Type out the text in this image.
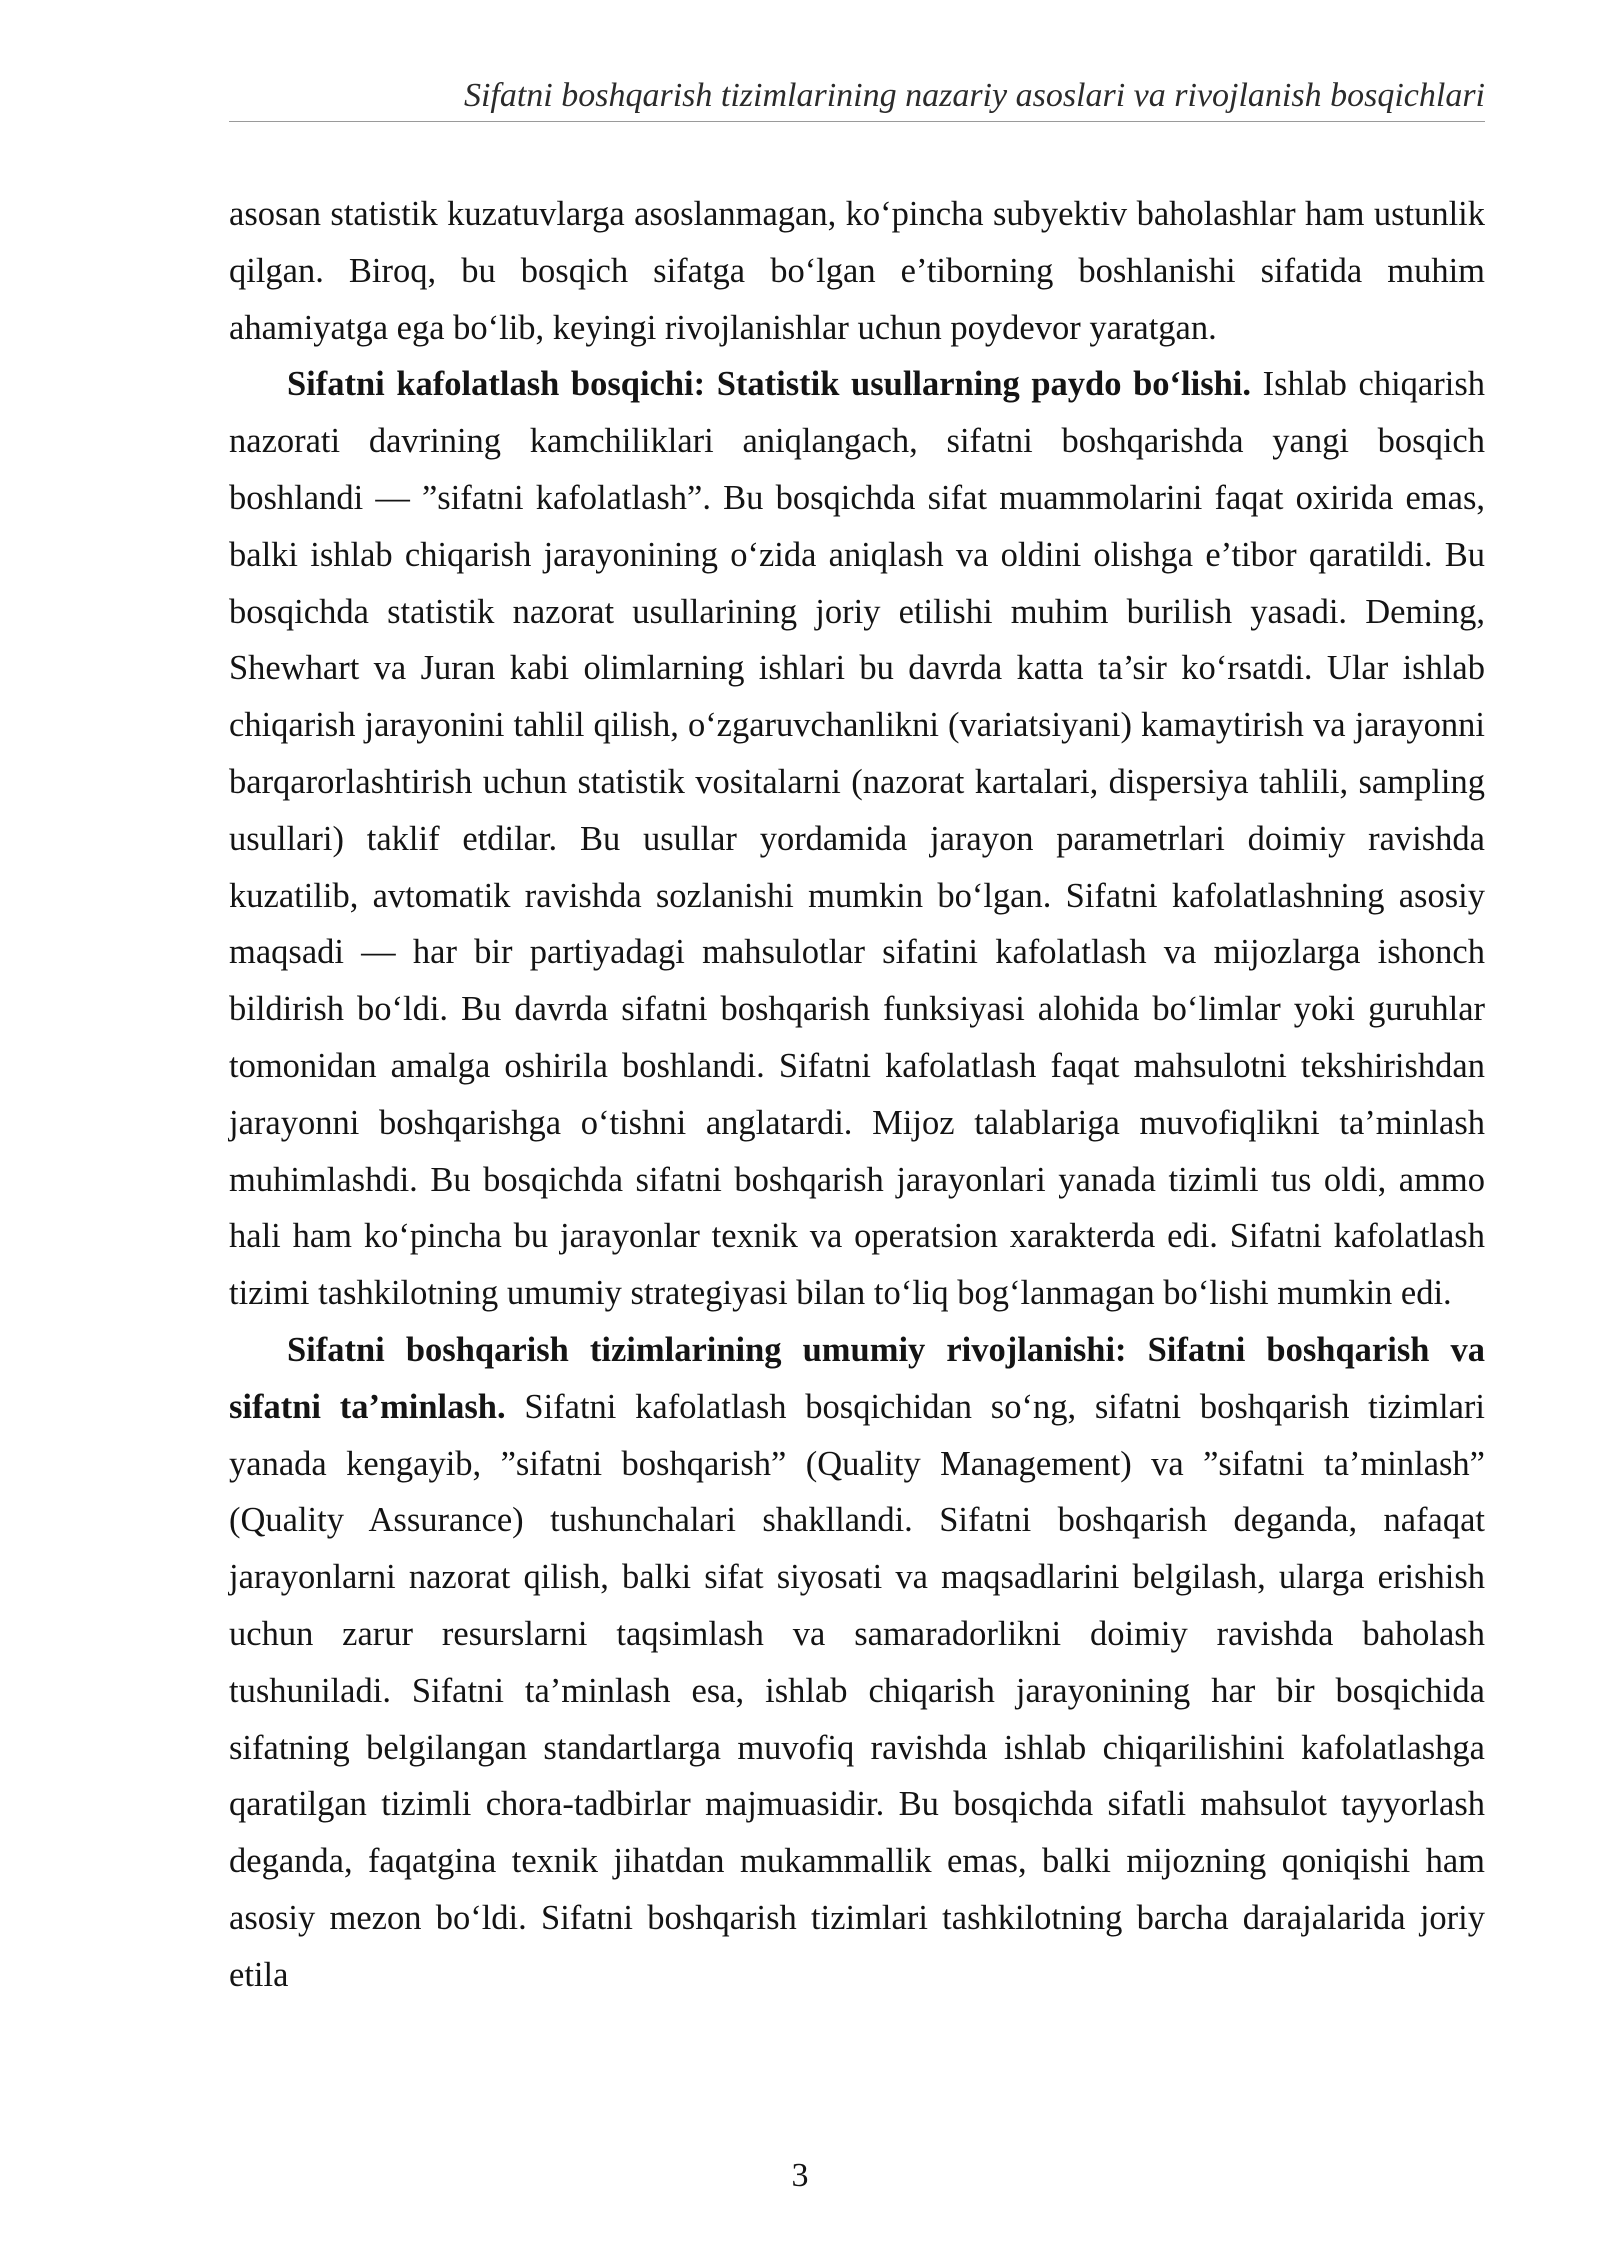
Sifatni boshqarish tizimlarining nazariy asoslari va rivojlanish bosqichlari

asosan statistik kuzatuvlarga asoslanmagan, ko‘pincha subyektiv baholashlar ham ustunlik qilgan. Biroq, bu bosqich sifatga bo‘lgan e’tiborning boshlanishi sifatida muhim ahamiyatga ega bo‘lib, keyingi rivojlanishlar uchun poydevor yaratgan.

Sifatni kafolatlash bosqichi: Statistik usullarning paydo bo‘lishi. Ishlab chiqarish nazorati davrining kamchiliklari aniqlangach, sifatni boshqarishda yangi bosqich boshlandi — ”sifatni kafolatlash”. Bu bosqichda sifat muammolarini faqat oxirida emas, balki ishlab chiqarish jarayonining o‘zida aniqlash va oldini olishga e’tibor qaratildi. Bu bosqichda statistik nazorat usullarining joriy etilishi muhim burilish yasadi. Deming, Shewhart va Juran kabi olimlarning ishlari bu davrda katta ta’sir ko‘rsatdi. Ular ishlab chiqarish jarayonini tahlil qilish, o‘zgaruvchanlikni (variatsiyani) kamaytirish va jarayonni barqarorlashtirish uchun statistik vositalarni (nazorat kartalari, dispersiya tahlili, sampling usullari) taklif etdilar. Bu usullar yordamida jarayon parametrlari doimiy ravishda kuzatilib, avtomatik ravishda sozlanishi mumkin bo‘lgan. Sifatni kafolatlashning asosiy maqsadi — har bir partiyadagi mahsulotlar sifatini kafolatlash va mijozlarga ishonch bildirish bo‘ldi. Bu davrda sifatni boshqarish funksiyasi alohida bo‘limlar yoki guruhlar tomonidan amalga oshirila boshlandi. Sifatni kafolatlash faqat mahsulotni tekshirishdan jarayonni boshqarishga o‘tishni anglatardi. Mijoz talablariga muvofiqlikni ta’minlash muhimlashdi. Bu bosqichda sifatni boshqarish jarayonlari yanada tizimli tus oldi, ammo hali ham ko‘pincha bu jarayonlar texnik va operatsion xarakterda edi. Sifatni kafolatlash tizimi tashkilotning umumiy strategiyasi bilan to‘liq bog‘lanmagan bo‘lishi mumkin edi.

Sifatni boshqarish tizimlarining umumiy rivojlanishi: Sifatni boshqarish va sifatni ta’minlash. Sifatni kafolatlash bosqichidan so‘ng, sifatni boshqarish tizimlari yanada kengayib, ”sifatni boshqarish” (Quality Management) va ”sifatni ta’minlash” (Quality Assurance) tushunchalari shakllandi. Sifatni boshqarish deganda, nafaqat jarayonlarni nazorat qilish, balki sifat siyosati va maqsadlarini belgilash, ularga erishish uchun zarur resurslarni taqsimlash va samaradorlikni doimiy ravishda baholash tushuniladi. Sifatni ta’minlash esa, ishlab chiqarish jarayonining har bir bosqichida sifatning belgilangan standartlarga muvofiq ravishda ishlab chiqarilishini kafolatlashga qaratilgan tizimli chora-tadbirlar majmuasidir. Bu bosqichda sifatli mahsulot tayyorlash deganda, faqatgina texnik jihatdan mukammallik emas, balki mijozning qoniqishi ham asosiy mezon bo‘ldi. Sifatni boshqarish tizimlari tashkilotning barcha darajalarida joriy etila

3
